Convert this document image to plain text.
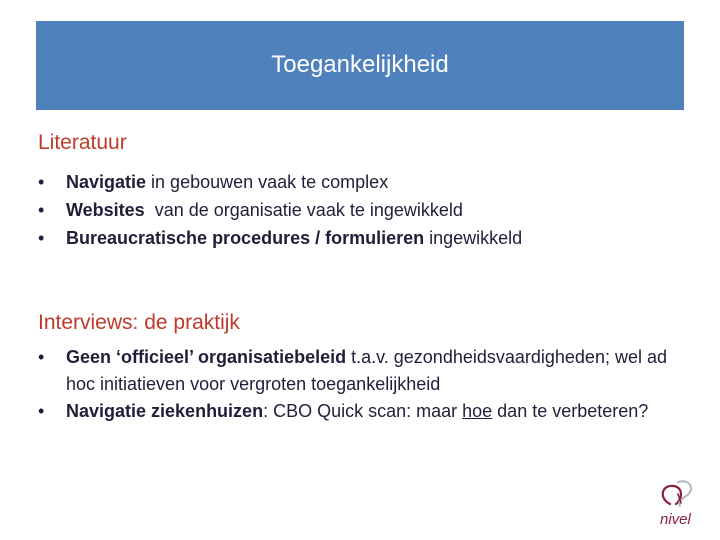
Toegankelijkheid
Literatuur
• Navigatie in gebouwen vaak te complex
• Websites  van de organisatie vaak te ingewikkeld
• Bureaucratische procedures / formulieren ingewikkeld
Interviews: de praktijk
• Geen ‘officieel’ organisatiebeleid t.a.v. gezondheidsvaardigheden; wel ad hoc initiatieven voor vergroten toegankelijkheid
• Navigatie ziekenhuizen: CBO Quick scan: maar hoe dan te verbeteren?
nivel
